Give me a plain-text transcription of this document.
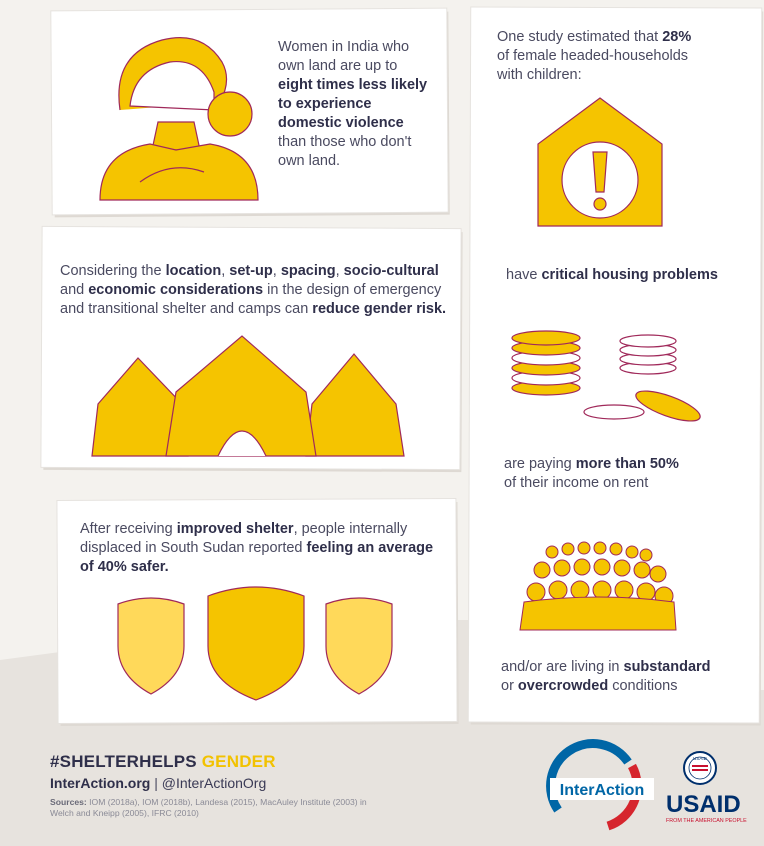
Women in India who
own land are up to
eight times less likely
to experience
domestic violence
than those who don't
own land.
Considering the location, set-up, spacing, socio-cultural
and economic considerations in the design of emergency
and transitional shelter and camps can reduce gender risk.
After receiving improved shelter, people internally
displaced in South Sudan reported feeling an average
of 40% safer.
One study estimated that 28%
of female headed-households
with children:
have critical housing problems
are paying more than 50%
of their income on rent
and/or are living in substandard
or overcrowded conditions
#SHELTERHELPS GENDER
InterAction.org | @InterActionOrg
Sources: IOM (2018a), IOM (2018b), Landesa (2015), MacAuley Institute (2003) in Welch and Kneipp (2005), IFRC (2010)
InterAction
USAID
USAID
FROM THE AMERICAN PEOPLE
